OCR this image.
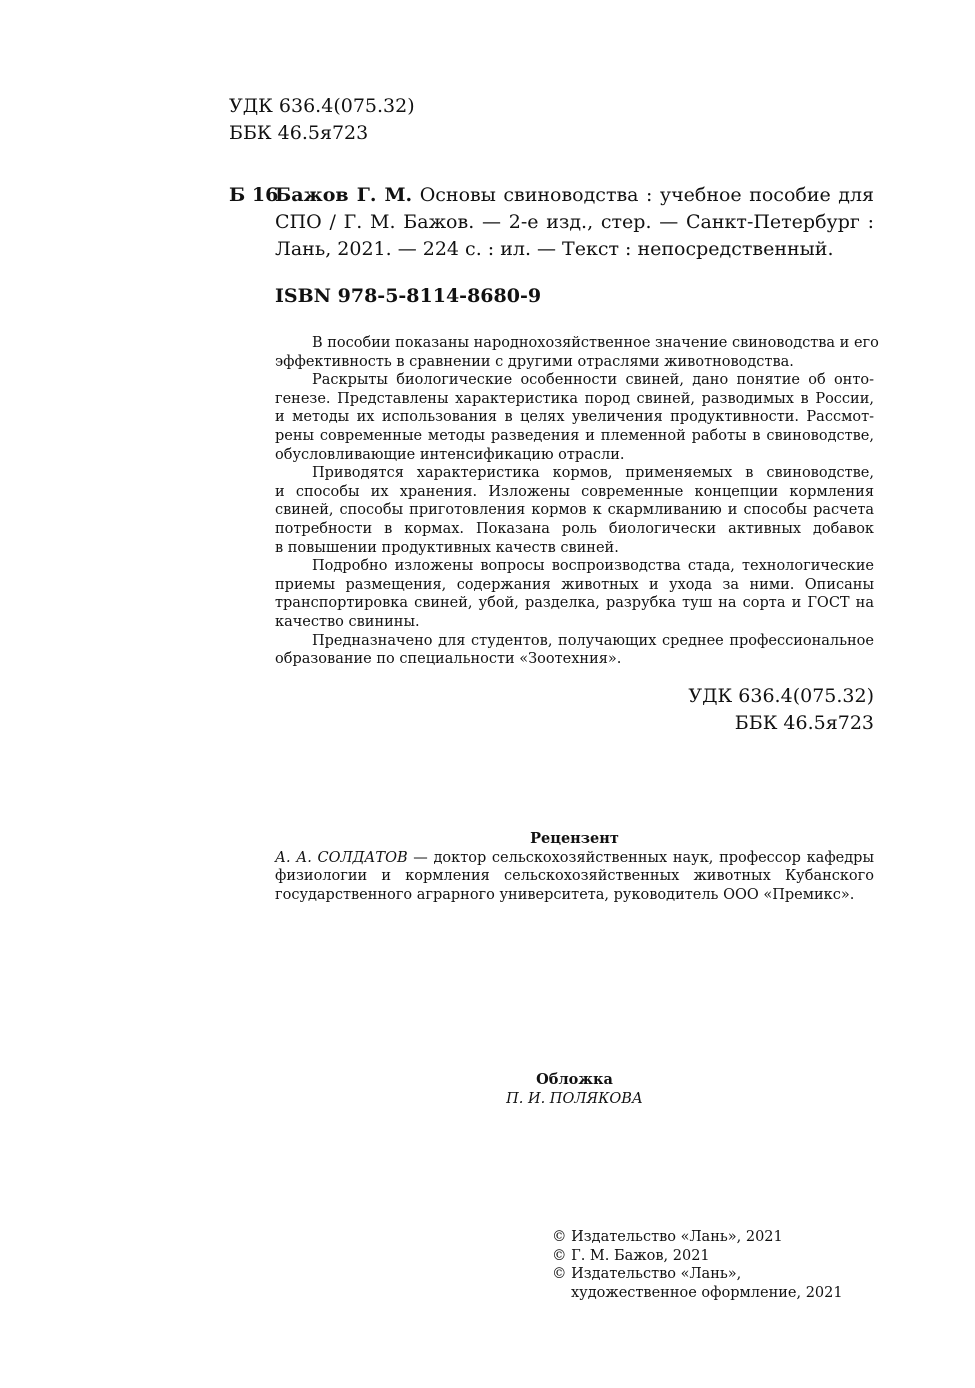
УДК 636.4(075.32)
ББК 46.5я723
Б 16
Бажов Г. М. Основы свиноводства : учебное пособие для
СПО / Г. М. Бажов. — 2-е изд., стер. — Санкт-Петербург :
Лань, 2021. — 224 с. : ил. — Текст : непосредственный.
ISBN 978-5-8114-8680-9
В пособии показаны народнохозяйственное значение свиноводства и его
эффективность в сравнении с другими отраслями животноводства.
Раскрыты биологические особенности свиней, дано понятие об онто-
генезе. Представлены характеристика пород свиней, разводимых в России,
и методы их использования в целях увеличения продуктивности. Рассмот-
рены современные методы разведения и племенной работы в свиноводстве,
обусловливающие интенсификацию отрасли.
Приводятся характеристика кормов, применяемых в свиноводстве,
и способы их хранения. Изложены современные концепции кормления
свиней, способы приготовления кормов к скармливанию и способы расчета
потребности в кормах. Показана роль биологически активных добавок
в повышении продуктивных качеств свиней.
Подробно изложены вопросы воспроизводства стада, технологические
приемы размещения, содержания животных и ухода за ними. Описаны
транспортировка свиней, убой, разделка, разрубка туш на сорта и ГОСТ на
качество свинины.
Предназначено для студентов, получающих среднее профессиональное
образование по специальности «Зоотехния».
УДК 636.4(075.32)
ББК 46.5я723
Рецензент
А. А. СОЛДАТОВ — доктор сельскохозяйственных наук, профессор кафедры
физиологии и кормления сельскохозяйственных животных Кубанского
государственного аграрного университета, руководитель ООО «Премикс».
Обложка
П. И. ПОЛЯКОВА
© Издательство «Лань», 2021
© Г. М. Бажов, 2021
© Издательство «Лань»,
художественное оформление, 2021
